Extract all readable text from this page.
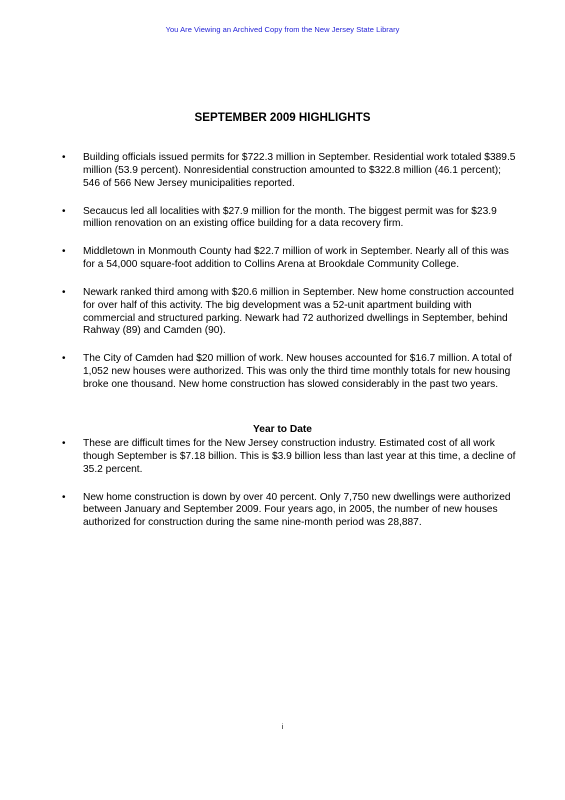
You Are Viewing an Archived Copy from the New Jersey State Library
SEPTEMBER 2009 HIGHLIGHTS
•	Building officials issued permits for $722.3 million in September. Residential work totaled $389.5 million (53.9 percent). Nonresidential construction amounted to $322.8 million (46.1 percent); 546 of 566 New Jersey municipalities reported.
•	Secaucus led all localities with $27.9 million for the month. The biggest permit was for $23.9 million renovation on an existing office building for a data recovery firm.
•	Middletown in Monmouth County had $22.7 million of work in September. Nearly all of this was for a 54,000 square-foot addition to Collins Arena at Brookdale Community College.
•	Newark ranked third among with $20.6 million in September. New home construction accounted for over half of this activity. The big development was a 52-unit apartment building with commercial and structured parking. Newark had 72 authorized dwellings in September, behind Rahway (89) and Camden (90).
•	The City of Camden had $20 million of work. New houses accounted for $16.7 million. A total of 1,052 new houses were authorized. This was only the third time monthly totals for new housing broke one thousand. New home construction has slowed considerably in the past two years.
Year to Date
•	These are difficult times for the New Jersey construction industry. Estimated cost of all work though September is $7.18 billion. This is $3.9 billion less than last year at this time, a decline of 35.2 percent.
•	New home construction is down by over 40 percent. Only 7,750 new dwellings were authorized between January and September 2009. Four years ago, in 2005, the number of new houses authorized for construction during the same nine-month period was 28,887.
i
